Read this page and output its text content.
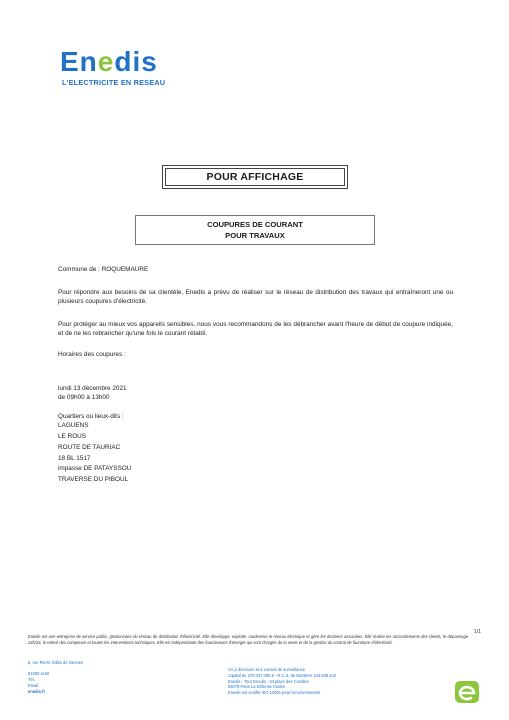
Enedis
L'ELECTRICITE EN RESEAU
POUR AFFICHAGE
COUPURES DE COURANT
POUR TRAVAUX
Commune de : ROQUEMAURE
Pour répondre aux besoins de sa clientèle, Enedis a prévu de réaliser sur le réseau de distribution des travaux qui entraîneront une ou plusieurs coupures d'électricité.
Pour protéger au mieux vos appareils sensibles, nous vous recommandons de les débrancher avant l'heure de début de coupure indiquée, et de ne les rebrancher qu'une fois le courant rétabli.
Horaires des coupures :
lundi 13 décembre 2021
de 09h00 à 13h00
Quartiers ou lieux-dits :
LAGUENS
LE ROUS
ROUTE DE TAURIAC
18 BL 1517
impasse DE PATAYSSOU
TRAVERSE DU PIBOUL
1/1
Enedis est une entreprise de service public, gestionnaire du réseau de distribution d'électricité. Elle développe, exploite, modernise le réseau électrique et gère les données associées. Elle réalise les raccordements des clients, le dépannage 24h/24, le relevé des compteurs et toutes les interventions techniques. Elle est indépendante des fournisseurs d'énergie qui sont chargés de la vente et de la gestion du contrat de fourniture d'électricité.
5, rue Pierre Gilles de Gennes
81000 ALBI
Tél. :
Email :
enedis.fr
SA à directoire et à conseil de surveillance
Capital de 270 037 000 € - R.C.S. de Nanterre 444 608 442
Enedis - Tour Enedis - 34 place des Corolles
92079 Paris La Défense Cedex
Enedis est certifié ISO 14001 pour l'environnement
